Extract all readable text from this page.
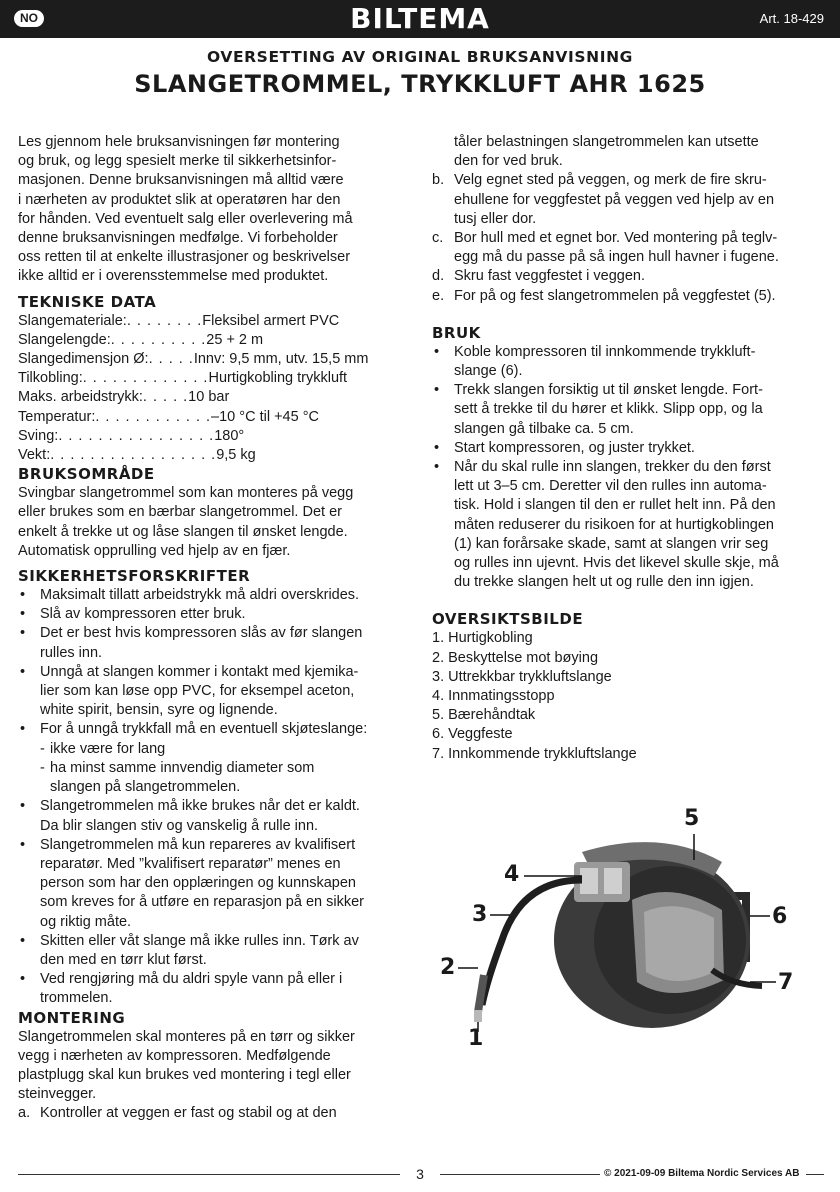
NO	BILTEMA	Art. 18-429
OVERSETTING AV ORIGINAL BRUKSANVISNING
SLANGETROMMEL, TRYKKLUFT AHR 1625

Les gjennom hele bruksanvisningen før montering

og bruk, og legg spesielt merke til sikkerhetsinfor-

masjonen. Denne bruksanvisningen må alltid være

i nærheten av produktet slik at operatøren har den

for hånden. Ved eventuelt salg eller overlevering må

denne bruksanvisningen medfølge. Vi forbeholder

oss retten til at enkelte illustrasjoner og beskrivelser

ikke alltid er i overensstemmelse med produktet.

TEKNISKE DATA
Slangemateriale: . . . . . . . . Fleksibel armert PVC
Slangelengde: . . . . . . . . . . 25 + 2 m
Slangedimensjon Ø: . . . . . Innv: 9,5 mm, utv. 15,5 mm
Tilkobling: . . . . . . . . . . . . . Hurtigkobling trykkluft
Maks. arbeidstrykk: . . . . . 10 bar
Temperatur: . . . . . . . . . . . . –10 °C til +45 °C
Sving: . . . . . . . . . . . . . . . . 180°
Vekt: . . . . . . . . . . . . . . . . . 9,5 kg
BRUKSOMRÅDE

Svingbar slangetrommel som kan monteres på vegg

eller brukes som en bærbar slangetrommel. Det er

enkelt å trekke ut og låse slangen til ønsket lengde.

Automatisk opprulling ved hjelp av en fjær.

SIKKERHETSFORSKRIFTER
• Maksimalt tillatt arbeidstrykk må aldri overskrides.
• Slå av kompressoren etter bruk.
• Det er best hvis kompressoren slås av før slangen
rulles inn.
• Unngå at slangen kommer i kontakt med kjemika-
lier som kan løse opp PVC, for eksempel aceton,
white spirit, bensin, syre og lignende.
• For å unngå trykkfall må en eventuell skjøteslange:
- ikke være for lang
- ha minst samme innvendig diameter som
slangen på slangetrommelen.
• Slangetrommelen må ikke brukes når det er kaldt.
Da blir slangen stiv og vanskelig å rulle inn.
• Slangetrommelen må kun repareres av kvalifisert
reparatør. Med ”kvalifisert reparatør” menes en
person som har den opplæringen og kunnskapen
som kreves for å utføre en reparasjon på en sikker
og riktig måte.
• Skitten eller våt slange må ikke rulles inn. Tørk av
den med en tørr klut først.
• Ved rengjøring må du aldri spyle vann på eller i
trommelen.
MONTERING

Slangetrommelen skal monteres på en tørr og sikker

vegg i nærheten av kompressoren. Medfølgende

plastplugg skal kun brukes ved montering i tegl eller

steinvegger.

a. Kontroller at veggen er fast og stabil og at den
tåler belastningen slangetrommelen kan utsette
den for ved bruk.
b. Velg egnet sted på veggen, og merk de fire skru-
ehullene for veggfestet på veggen ved hjelp av en
tusj eller dor.
c. Bor hull med et egnet bor. Ved montering på teglv-
egg må du passe på så ingen hull havner i fugene.
d. Skru fast veggfestet i veggen.
e. For på og fest slangetrommelen på veggfestet (5).
BRUK
• Koble kompressoren til innkommende trykkluft-
slange (6).
• Trekk slangen forsiktig ut til ønsket lengde. Fort-
sett å trekke til du hører et klikk. Slipp opp, og la
slangen gå tilbake ca. 5 cm.
• Start kompressoren, og juster trykket.
• Når du skal rulle inn slangen, trekker du den først
lett ut 3–5 cm. Deretter vil den rulles inn automa-
tisk. Hold i slangen til den er rullet helt inn. På den
måten reduserer du risikoen for at hurtigkoblingen
(1) kan forårsake skade, samt at slangen vrir seg
og rulles inn ujevnt. Hvis det likevel skulle skje, må
du trekke slangen helt ut og rulle den inn igjen.
OVERSIKTSBILDE
1. Hurtigkobling
2. Beskyttelse mot bøying
3. Uttrekkbar trykkluftslange
4. Innmatingsstopp
5. Bærehåndtak
6. Veggfeste
7. Innkommende trykkluftslange
1
2
3
4
5
6
7
3	© 2021-09-09 Biltema Nordic Services AB
